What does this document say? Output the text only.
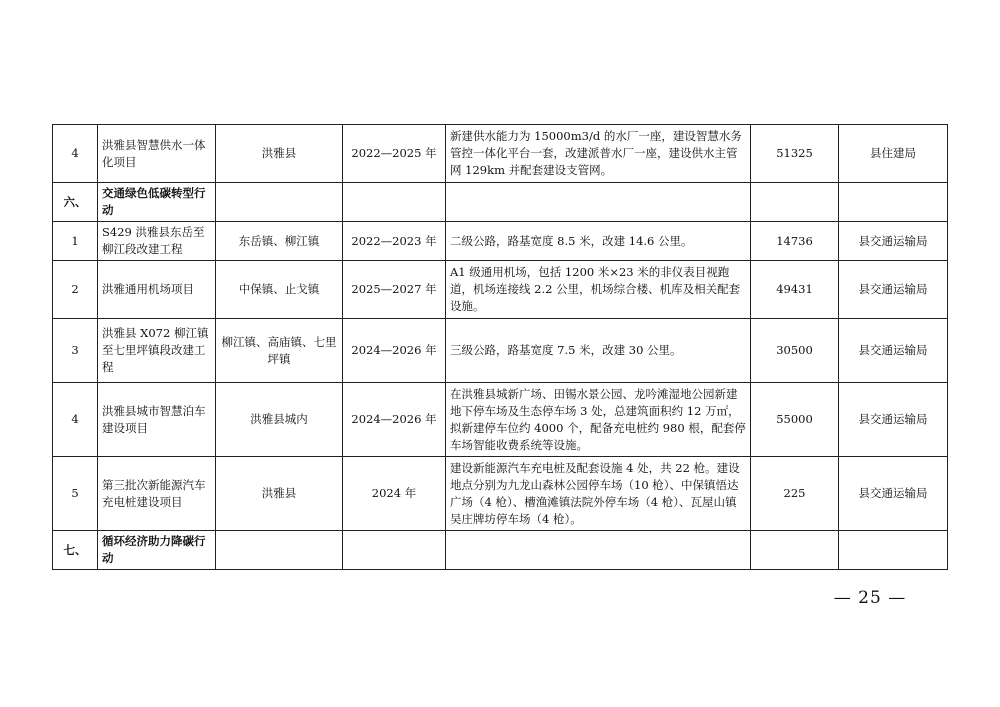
4	洪雅县智慧供水一体化项目	洪雅县	2022—2025 年	新建供水能力为 15000m3/d 的水厂一座，建设智慧水务管控一体化平台一套，改建派普水厂一座，建设供水主管网 129km 并配套建设支管网。	51325	县住建局
六、	交通绿色低碳转型行动					
1	S429 洪雅县东岳至柳江段改建工程	东岳镇、柳江镇	2022—2023 年	二级公路，路基宽度 8.5 米，改建 14.6 公里。	14736	县交通运输局
2	洪雅通用机场项目	中保镇、止戈镇	2025—2027 年	A1 级通用机场，包括 1200 米×23 米的非仪表目视跑道，机场连接线 2.2 公里，机场综合楼、机库及相关配套设施。	49431	县交通运输局
3	洪雅县 X072 柳江镇至七里坪镇段改建工程	柳江镇、高庙镇、七里坪镇	2024—2026 年	三级公路，路基宽度 7.5 米，改建 30 公里。	30500	县交通运输局
4	洪雅县城市智慧泊车建设项目	洪雅县城内	2024—2026 年	在洪雅县城新广场、田锡水景公园、龙吟滩湿地公园新建地下停车场及生态停车场 3 处，总建筑面积约 12 万㎡，拟新建停车位约 4000 个，配备充电桩约 980 根，配套停车场智能收费系统等设施。	55000	县交通运输局
5	第三批次新能源汽车充电桩建设项目	洪雅县	2024 年	建设新能源汽车充电桩及配套设施 4 处，共 22 枪。建设地点分别为九龙山森林公园停车场（10 枪）、中保镇悟达广场（4 枪）、槽渔滩镇法院外停车场（4 枪）、瓦屋山镇吴庄牌坊停车场（4 枪）。	225	县交通运输局
七、	循环经济助力降碳行动					
— 25 —
